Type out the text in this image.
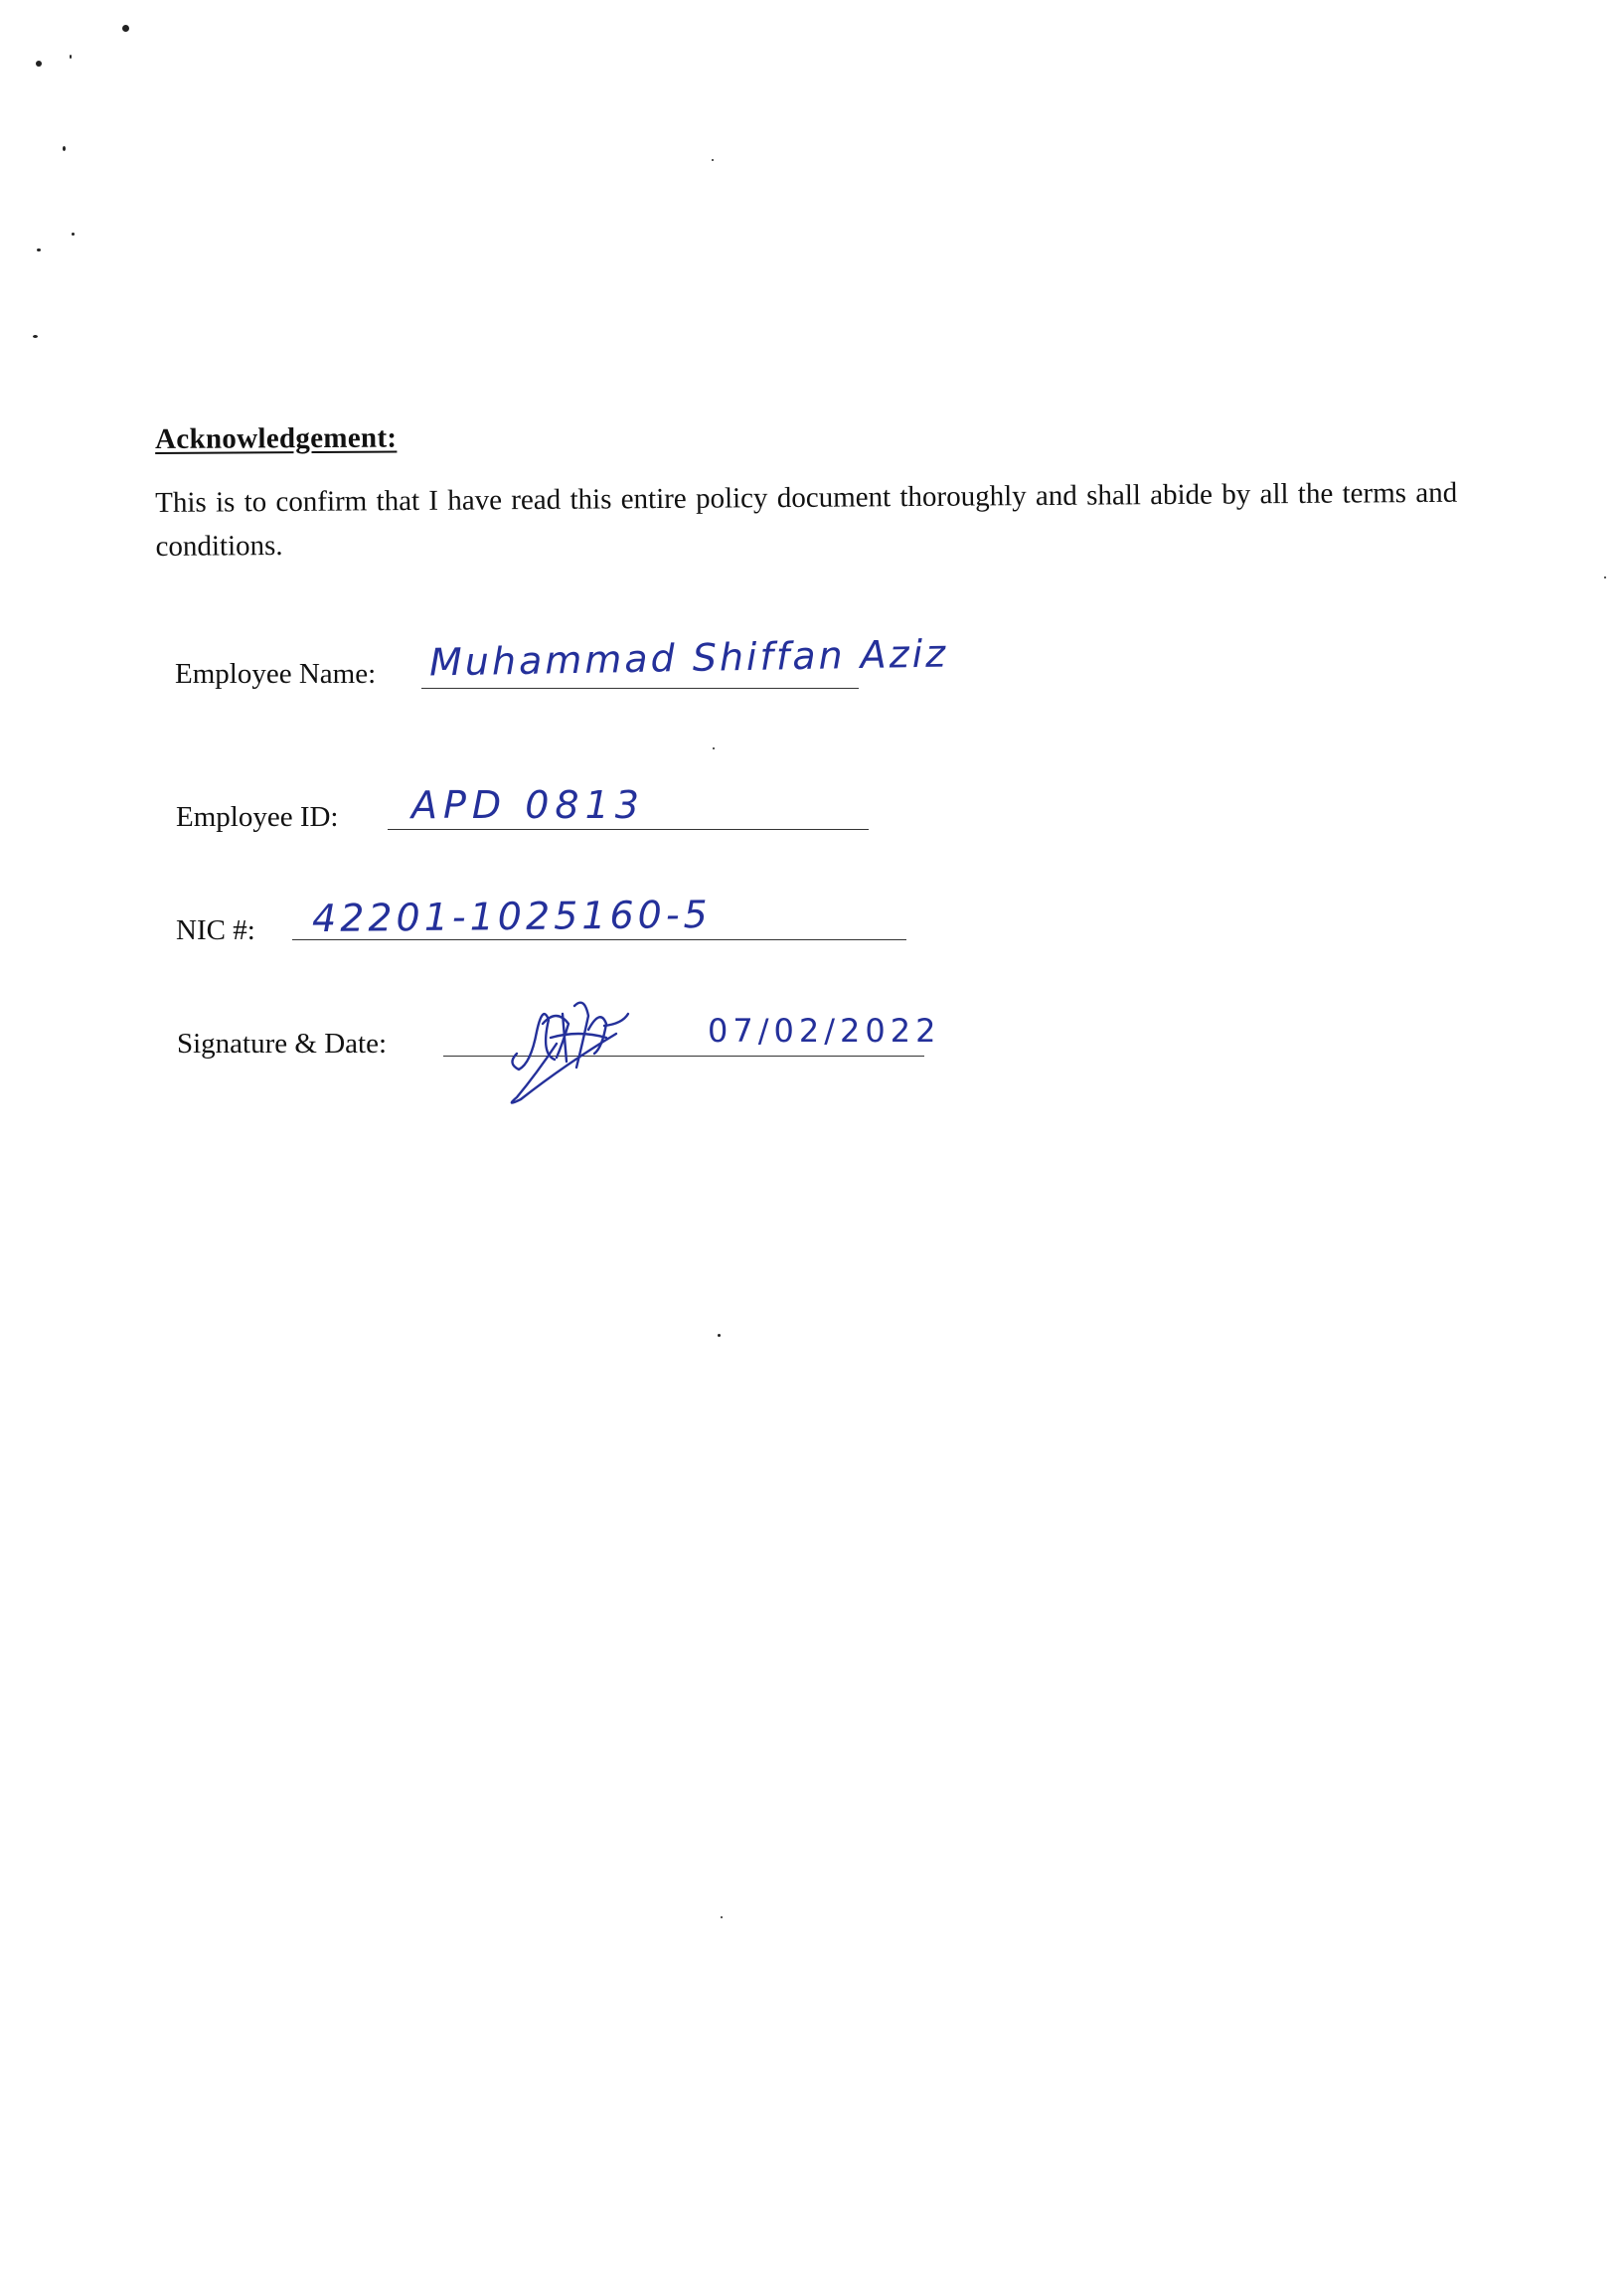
Acknowledgement:
This is to confirm that I have read this entire policy document thoroughly and shall abide by all the terms and conditions.
Employee Name: Muhammad Shiffan Aziz
Employee ID: APD 0813
NIC #: 42201-1025160-5
Signature & Date:	07/02/2022
